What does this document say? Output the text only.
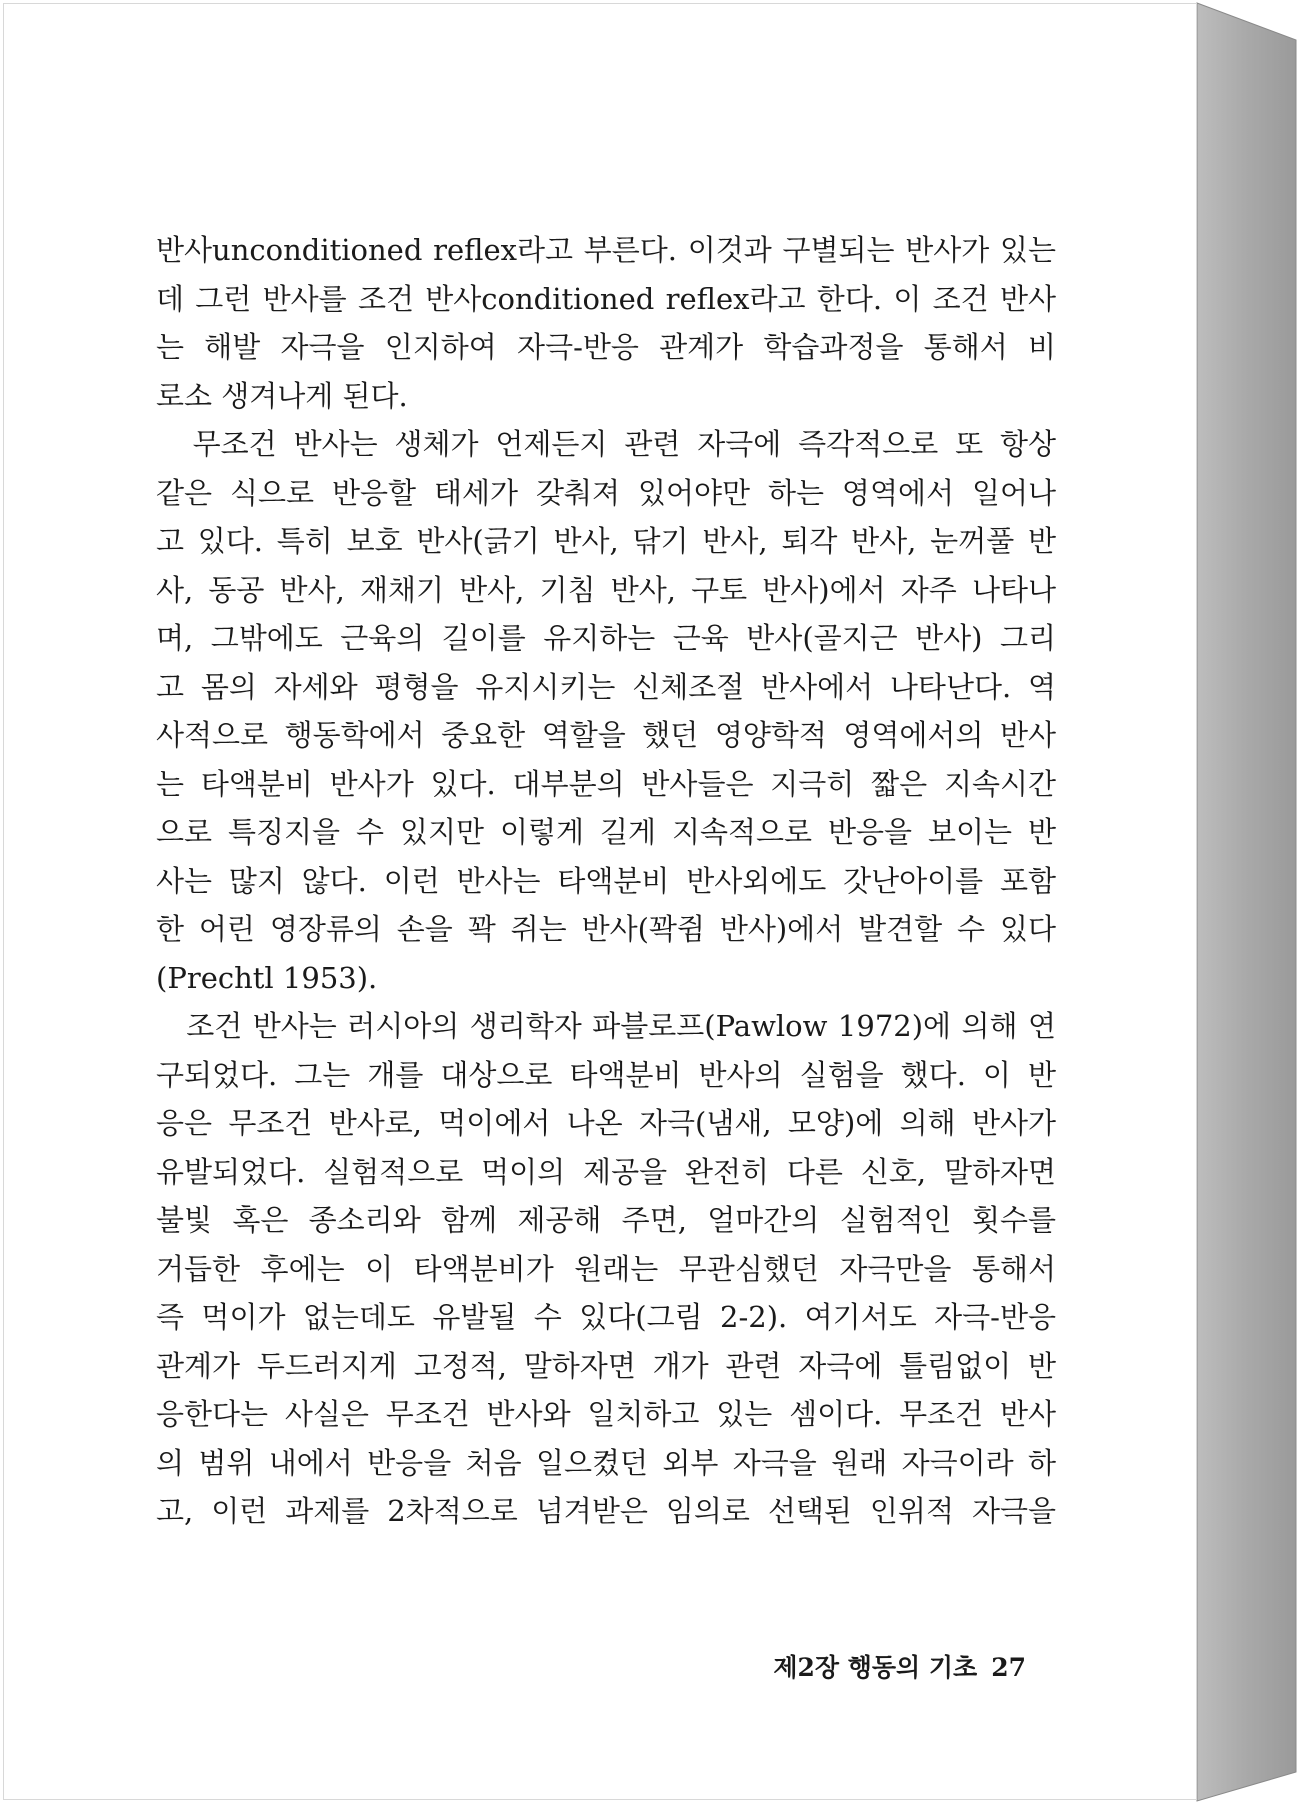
반사unconditioned reflex라고 부른다. 이것과 구별되는 반사가 있는
데 그런 반사를 조건 반사conditioned reflex라고 한다. 이 조건 반사
는 해발 자극을 인지하여 자극-반응 관계가 학습과정을 통해서 비
로소 생겨나게 된다.
　무조건 반사는 생체가 언제든지 관련 자극에 즉각적으로 또 항상
같은 식으로 반응할 태세가 갖춰져 있어야만 하는 영역에서 일어나
고 있다. 특히 보호 반사(긁기 반사, 닦기 반사, 퇴각 반사, 눈꺼풀 반
사, 동공 반사, 재채기 반사, 기침 반사, 구토 반사)에서 자주 나타나
며, 그밖에도 근육의 길이를 유지하는 근육 반사(골지근 반사) 그리
고 몸의 자세와 평형을 유지시키는 신체조절 반사에서 나타난다. 역
사적으로 행동학에서 중요한 역할을 했던 영양학적 영역에서의 반사
는 타액분비 반사가 있다. 대부분의 반사들은 지극히 짧은 지속시간
으로 특징지을 수 있지만 이렇게 길게 지속적으로 반응을 보이는 반
사는 많지 않다. 이런 반사는 타액분비 반사외에도 갓난아이를 포함
한 어린 영장류의 손을 꽉 쥐는 반사(꽉쥠 반사)에서 발견할 수 있다
(Prechtl 1953).
　조건 반사는 러시아의 생리학자 파블로프(Pawlow 1972)에 의해 연
구되었다. 그는 개를 대상으로 타액분비 반사의 실험을 했다. 이 반
응은 무조건 반사로, 먹이에서 나온 자극(냄새, 모양)에 의해 반사가
유발되었다. 실험적으로 먹이의 제공을 완전히 다른 신호, 말하자면
불빛 혹은 종소리와 함께 제공해 주면, 얼마간의 실험적인 횟수를
거듭한 후에는 이 타액분비가 원래는 무관심했던 자극만을 통해서
즉 먹이가 없는데도 유발될 수 있다(그림 2-2). 여기서도 자극-반응
관계가 두드러지게 고정적, 말하자면 개가 관련 자극에 틀림없이 반
응한다는 사실은 무조건 반사와 일치하고 있는 셈이다. 무조건 반사
의 범위 내에서 반응을 처음 일으켰던 외부 자극을 원래 자극이라 하
고, 이런 과제를 2차적으로 넘겨받은 임의로 선택된 인위적 자극을
제2장 행동의 기초 27
